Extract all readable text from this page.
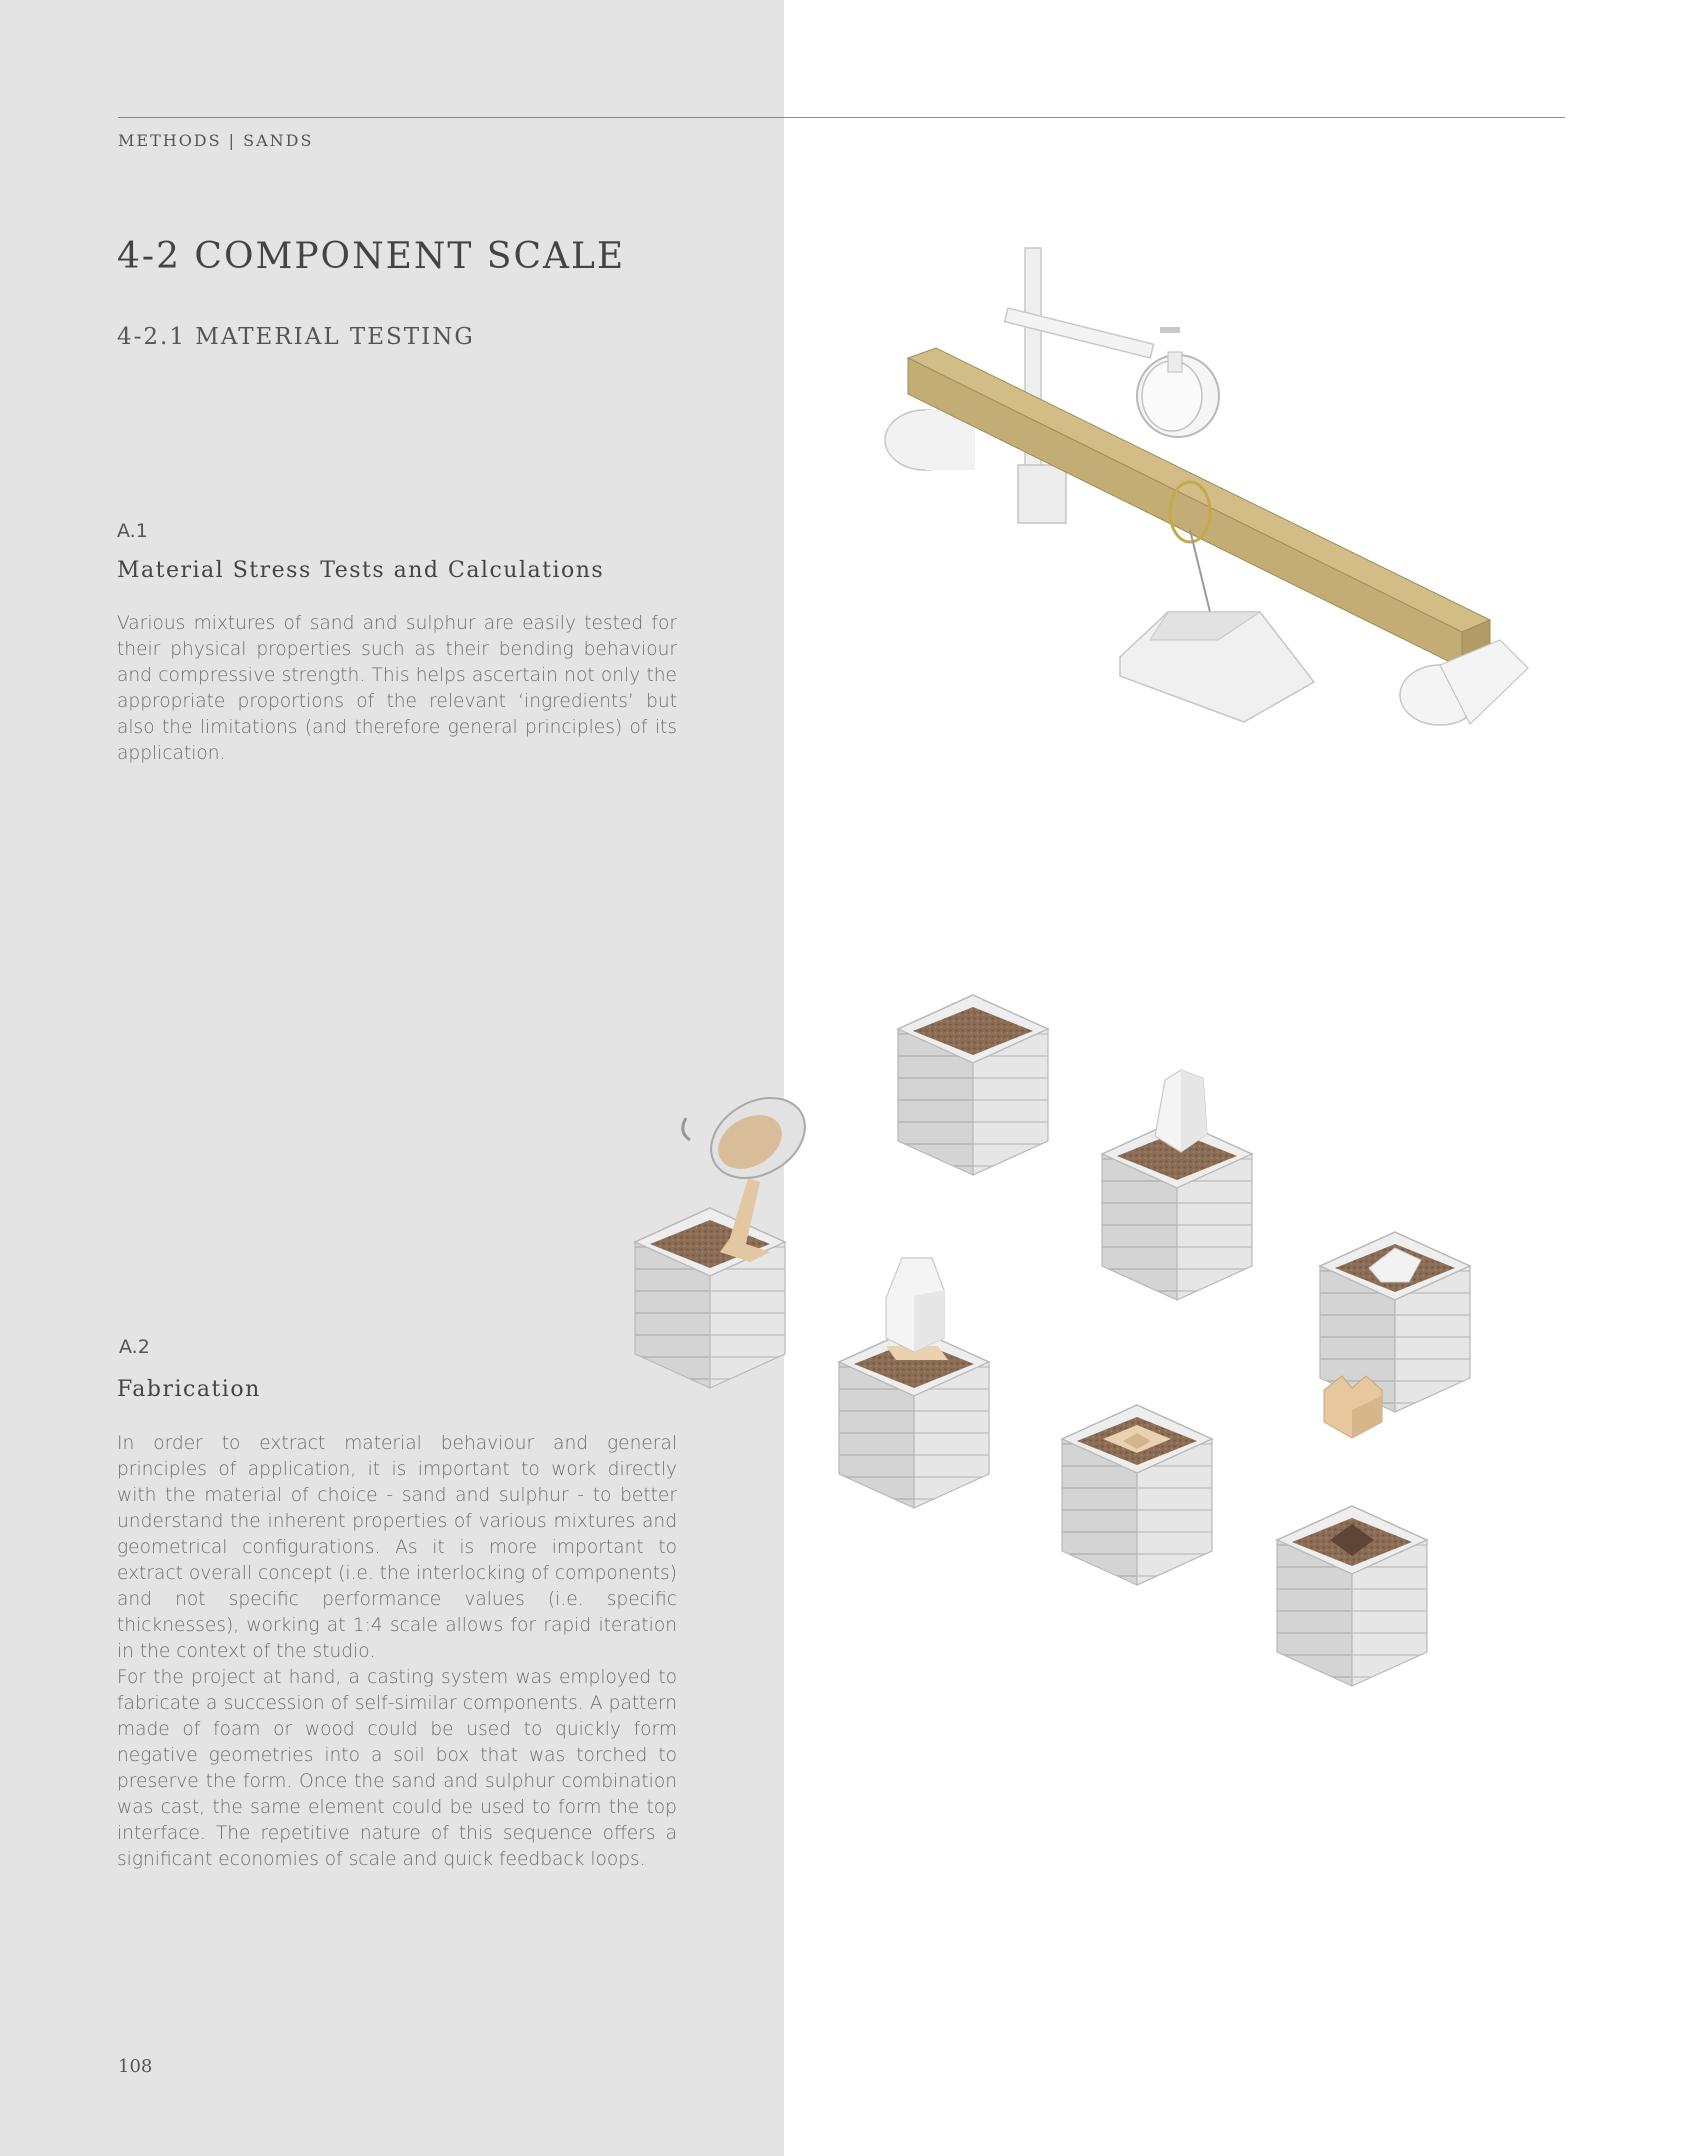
METHODS | SANDS
4-2 COMPONENT SCALE
4-2.1 MATERIAL TESTING
A.1
Material Stress Tests and Calculations

Various mixtures of sand and sulphur are easily tested for their physical properties such as their bending behaviour and compressive strength. This helps ascertain not only the appropriate proportions of the relevant ‘ingredients’ but also the limitations (and therefore general principles) of its application.

A.2
Fabrication

In order to extract material behaviour and general principles of application, it is important to work directly with the material of choice - sand and sulphur - to better understand the inherent properties of various mixtures and geometrical configurations. As it is more important to extract overall concept (i.e. the interlocking of components) and not specific performance values (i.e. specific thicknesses), working at 1:4 scale allows for rapid iteration in the context of the studio.

For the project at hand, a casting system was employed to fabricate a succession of self-similar components. A pattern made of foam or wood could be used to quickly form negative geometries into a soil box that was torched to preserve the form. Once the sand and sulphur combination was cast, the same element could be used to form the top interface. The repetitive nature of this sequence offers a significant economies of scale and quick feedback loops.

108
